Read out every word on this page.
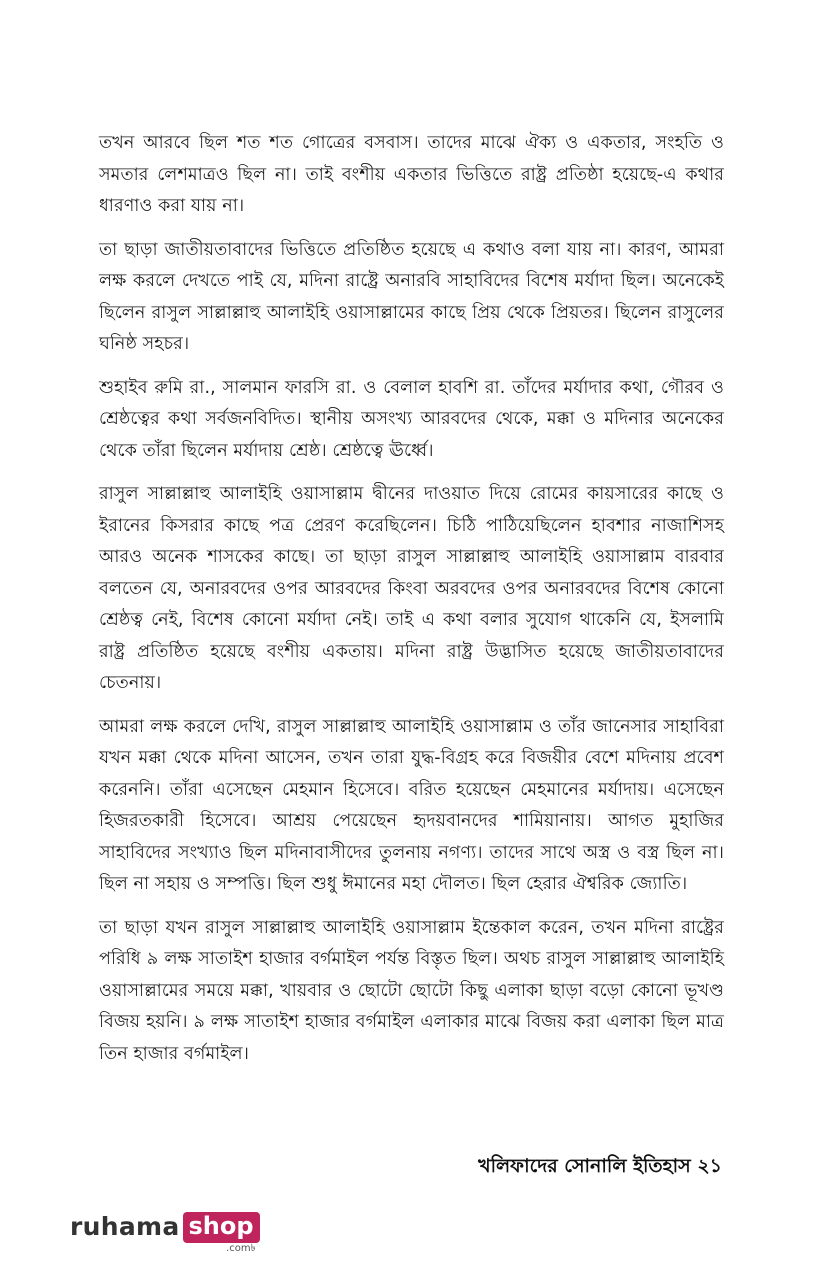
তখন আরবে ছিল শত শত গোত্রের বসবাস। তাদের মাঝে ঐক্য ও একতার, সংহতি ও সমতার লেশমাত্রও ছিল না। তাই বংশীয় একতার ভিত্তিতে রাষ্ট্র প্রতিষ্ঠা হয়েছে-এ কথার ধারণাও করা যায় না।

তা ছাড়া জাতীয়তাবাদের ভিত্তিতে প্রতিষ্ঠিত হয়েছে এ কথাও বলা যায় না। কারণ, আমরা লক্ষ করলে দেখতে পাই যে, মদিনা রাষ্ট্রে অনারবি সাহাবিদের বিশেষ মর্যাদা ছিল। অনেকেই ছিলেন রাসুল সাল্লাল্লাহু আলাইহি ওয়াসাল্লামের কাছে প্রিয় থেকে প্রিয়তর। ছিলেন রাসুলের ঘনিষ্ঠ সহচর।

শুহাইব রুমি রা., সালমান ফারসি রা. ও বেলাল হাবশি রা. তাঁদের মর্যাদার কথা, গৌরব ও শ্রেষ্ঠত্বের কথা সর্বজনবিদিত। স্থানীয় অসংখ্য আরবদের থেকে, মক্কা ও মদিনার অনেকের থেকে তাঁরা ছিলেন মর্যাদায় শ্রেষ্ঠ। শ্রেষ্ঠত্বে ঊর্ধ্বে।

রাসুল সাল্লাল্লাহু আলাইহি ওয়াসাল্লাম দ্বীনের দাওয়াত দিয়ে রোমের কায়সারের কাছে ও ইরানের কিসরার কাছে পত্র প্রেরণ করেছিলেন। চিঠি পাঠিয়েছিলেন হাবশার নাজাশিসহ আরও অনেক শাসকের কাছে। তা ছাড়া রাসুল সাল্লাল্লাহু আলাইহি ওয়াসাল্লাম বারবার বলতেন যে, অনারবদের ওপর আরবদের কিংবা অরবদের ওপর অনারবদের বিশেষ কোনো শ্রেষ্ঠত্ব নেই, বিশেষ কোনো মর্যাদা নেই। তাই এ কথা বলার সুযোগ থাকেনি যে, ইসলামি রাষ্ট্র প্রতিষ্ঠিত হয়েছে বংশীয় একতায়। মদিনা রাষ্ট্র উদ্ভাসিত হয়েছে জাতীয়তাবাদের চেতনায়।

আমরা লক্ষ করলে দেখি, রাসুল সাল্লাল্লাহু আলাইহি ওয়াসাল্লাম ও তাঁর জানেসার সাহাবিরা যখন মক্কা থেকে মদিনা আসেন, তখন তারা যুদ্ধ-বিগ্রহ করে বিজয়ীর বেশে মদিনায় প্রবেশ করেননি। তাঁরা এসেছেন মেহমান হিসেবে। বরিত হয়েছেন মেহমানের মর্যাদায়। এসেছেন হিজরতকারী হিসেবে। আশ্রয় পেয়েছেন হৃদয়বানদের শামিয়ানায়। আগত মুহাজির সাহাবিদের সংখ্যাও ছিল মদিনাবাসীদের তুলনায় নগণ্য। তাদের সাথে অস্ত্র ও বস্ত্র ছিল না। ছিল না সহায় ও সম্পত্তি। ছিল শুধু ঈমানের মহা দৌলত। ছিল হেরার ঐশ্বরিক জ্যোতি।

তা ছাড়া যখন রাসুল সাল্লাল্লাহু আলাইহি ওয়াসাল্লাম ইন্তেকাল করেন, তখন মদিনা রাষ্ট্রের পরিধি ৯ লক্ষ সাতাইশ হাজার বর্গমাইল পর্যন্ত বিস্তৃত ছিল। অথচ রাসুল সাল্লাল্লাহু আলাইহি ওয়াসাল্লামের সময়ে মক্কা, খায়বার ও ছোটো ছোটো কিছু এলাকা ছাড়া বড়ো কোনো ভূখণ্ড বিজয় হয়নি। ৯ লক্ষ সাতাইশ হাজার বর্গমাইল এলাকার মাঝে বিজয় করা এলাকা ছিল মাত্র তিন হাজার বর্গমাইল।

খলিফাদের সোনালি ইতিহাস ২১
ruhama shop
.com৳
